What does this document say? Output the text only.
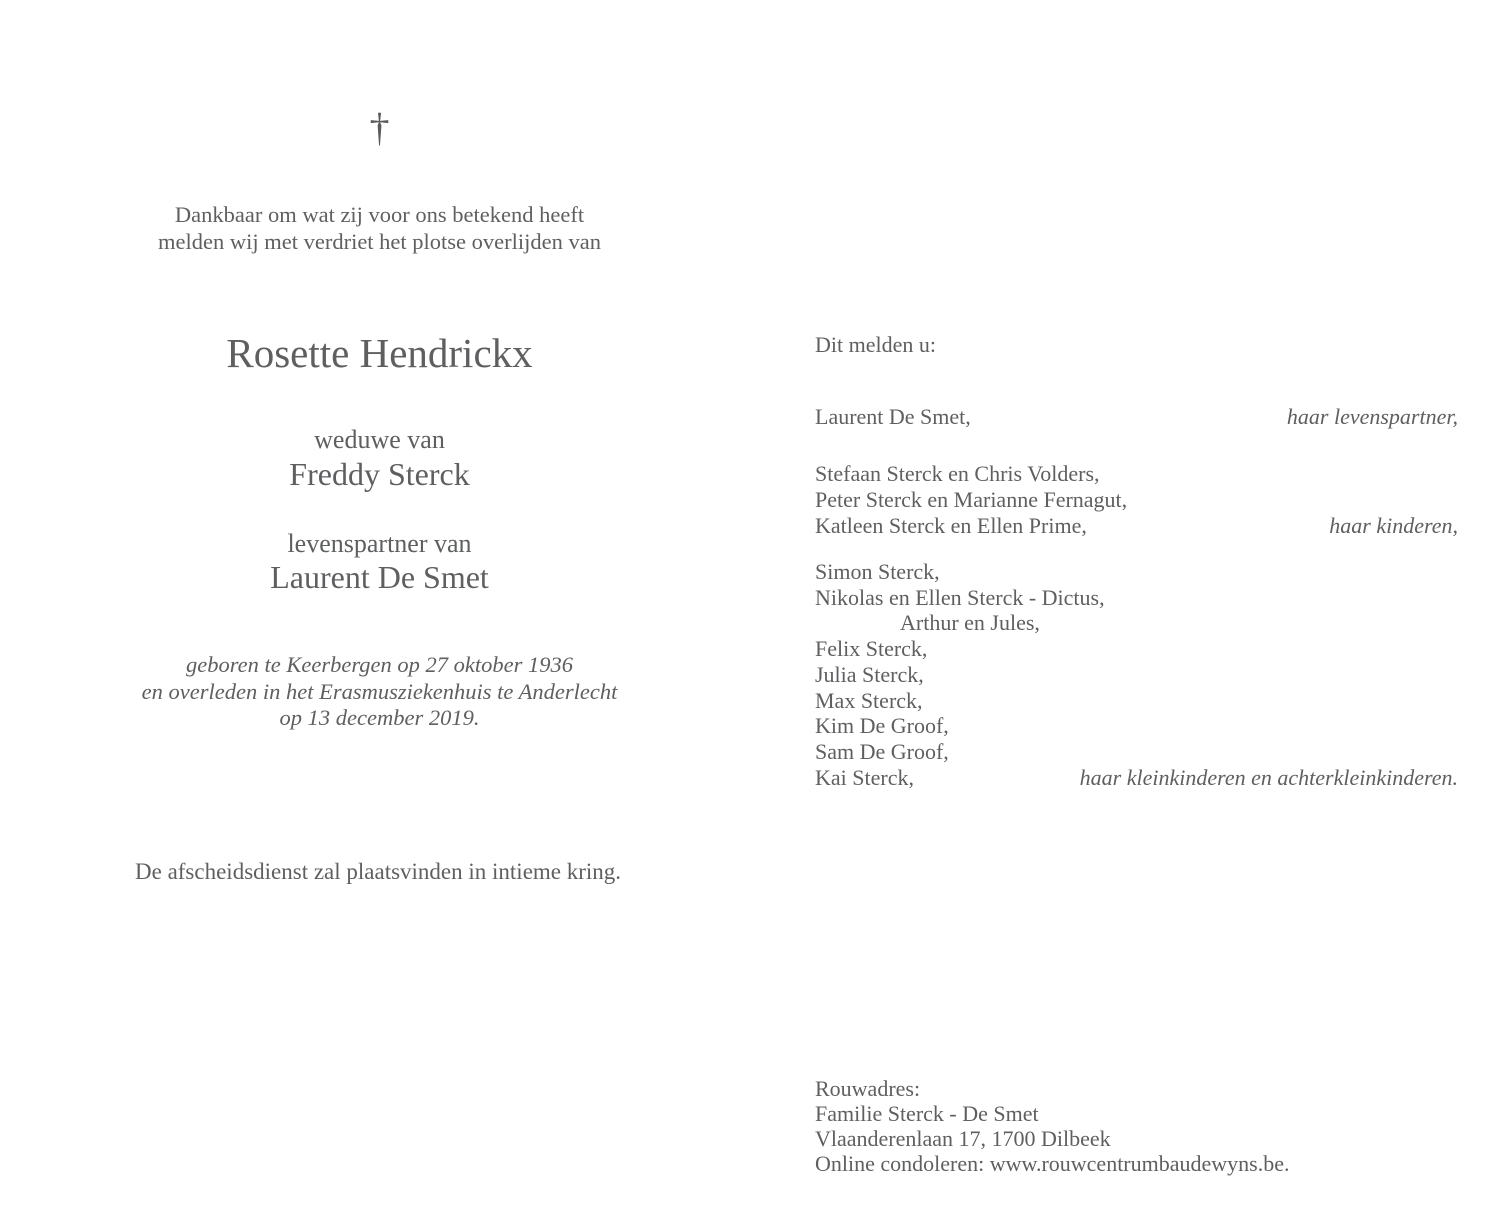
†
Dankbaar om wat zij voor ons betekend heeft
melden wij met verdriet het plotse overlijden van
Rosette Hendrickx
weduwe van
Freddy Sterck
levenspartner van
Laurent De Smet
geboren te Keerbergen op 27 oktober 1936
en overleden in het Erasmusziekenhuis te Anderlecht
op 13 december 2019.
De afscheidsdienst zal plaatsvinden in intieme kring.
Dit melden u:
Laurent De Smet,	haar levenspartner,
Stefaan Sterck en Chris Volders,
Peter Sterck en Marianne Fernagut,
Katleen Sterck en Ellen Prime,	haar kinderen,
Simon Sterck,
Nikolas en Ellen Sterck - Dictus,
Arthur en Jules,
Felix Sterck,
Julia Sterck,
Max Sterck,
Kim De Groof,
Sam De Groof,
Kai Sterck,	haar kleinkinderen en achterkleinkinderen.
Rouwadres:
Familie Sterck - De Smet
Vlaanderenlaan 17, 1700 Dilbeek
Online condoleren: www.rouwcentrumbaudewyns.be.
